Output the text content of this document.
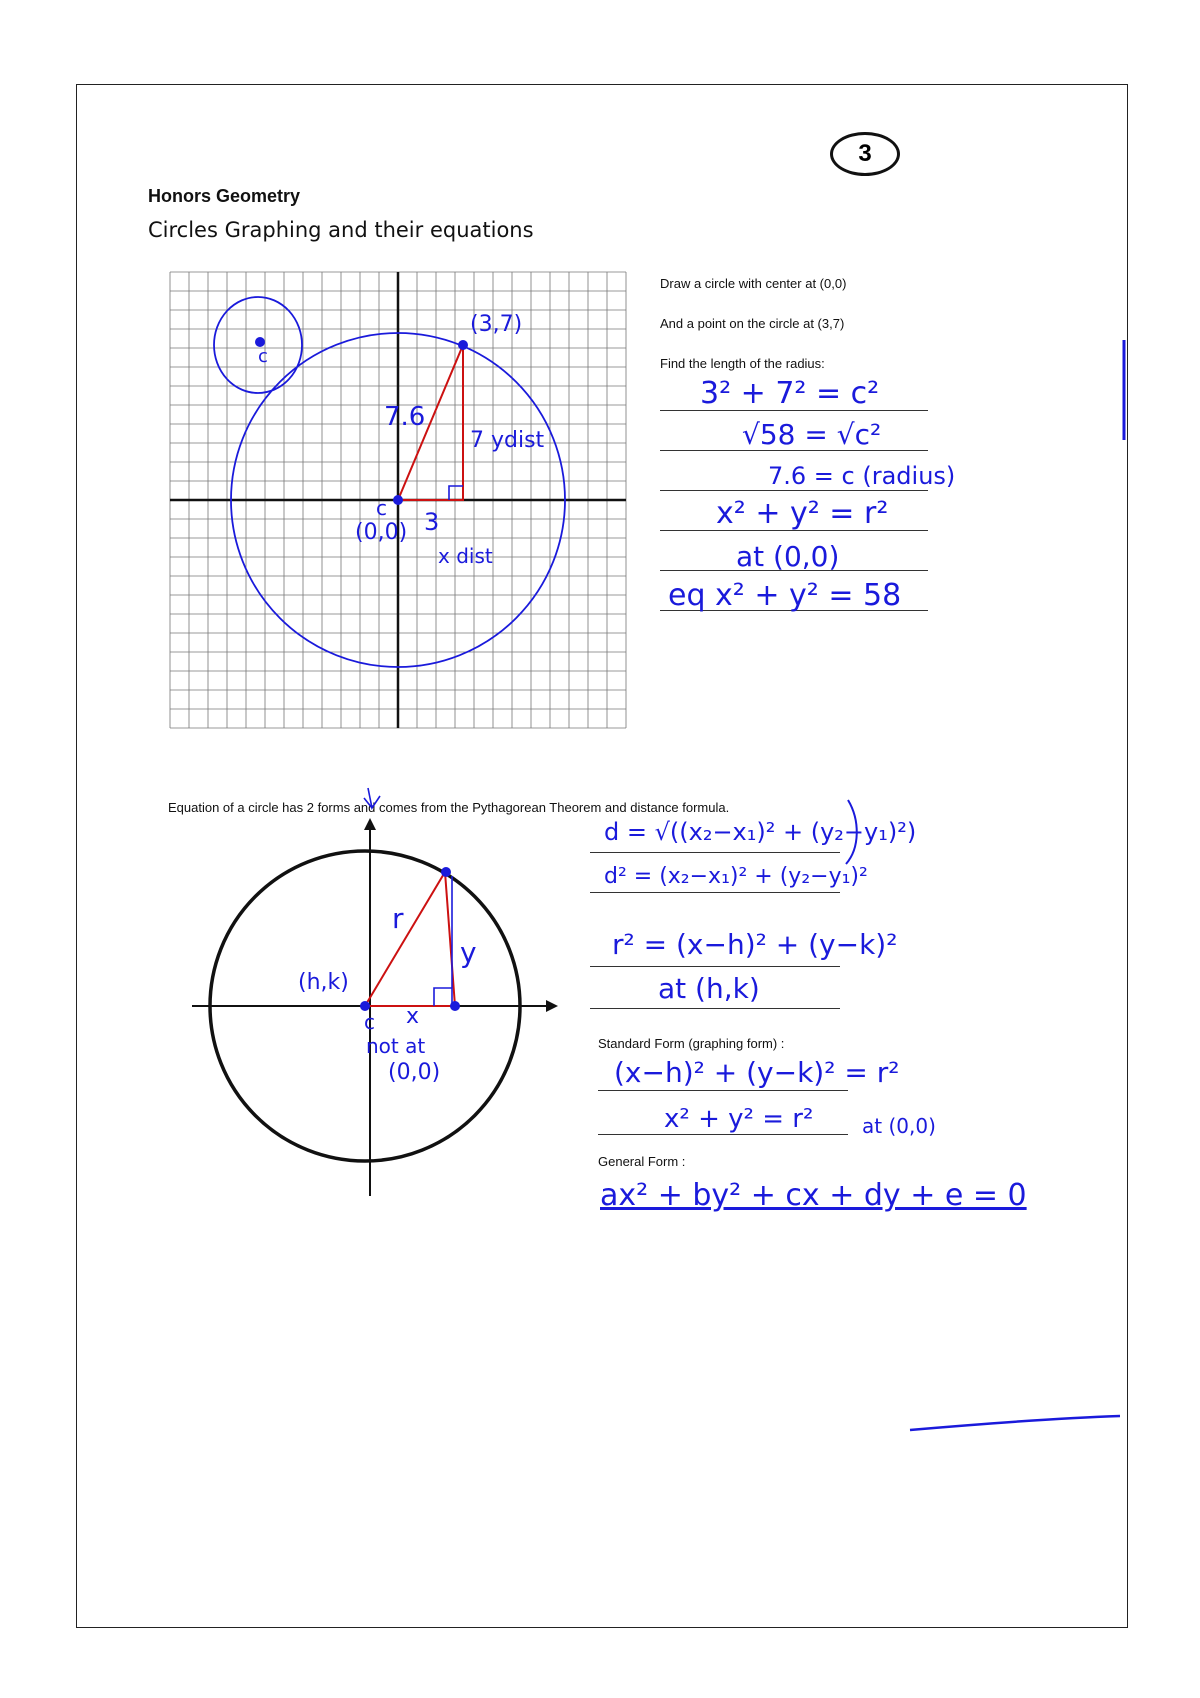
3
Honors Geometry
Circles Graphing and their equations
(3,7)
c
7.6
7 ydist
c
(0,0) 3
x dist
Draw a circle with center at (0,0)
And a point on the circle at (3,7)
Find the length of the radius:
3² + 7² = c²
√58 = √c²
7.6 = c (radius)
x² + y² = r²
at (0,0)
eq x² + y² = 58
Equation of a circle has 2 forms and comes from the Pythagorean Theorem and distance formula.
r
y
(h,k)
x
c
not at
(0,0)
d = √((x₂−x₁)² + (y₂−y₁)²)
d² = (x₂−x₁)² + (y₂−y₁)²
r² = (x−h)² + (y−k)²
at (h,k)
Standard Form (graphing form) :
(x−h)² + (y−k)² = r²
x² + y² = r² at (0,0)
General Form :
ax² + by² + cx + dy + e = 0
